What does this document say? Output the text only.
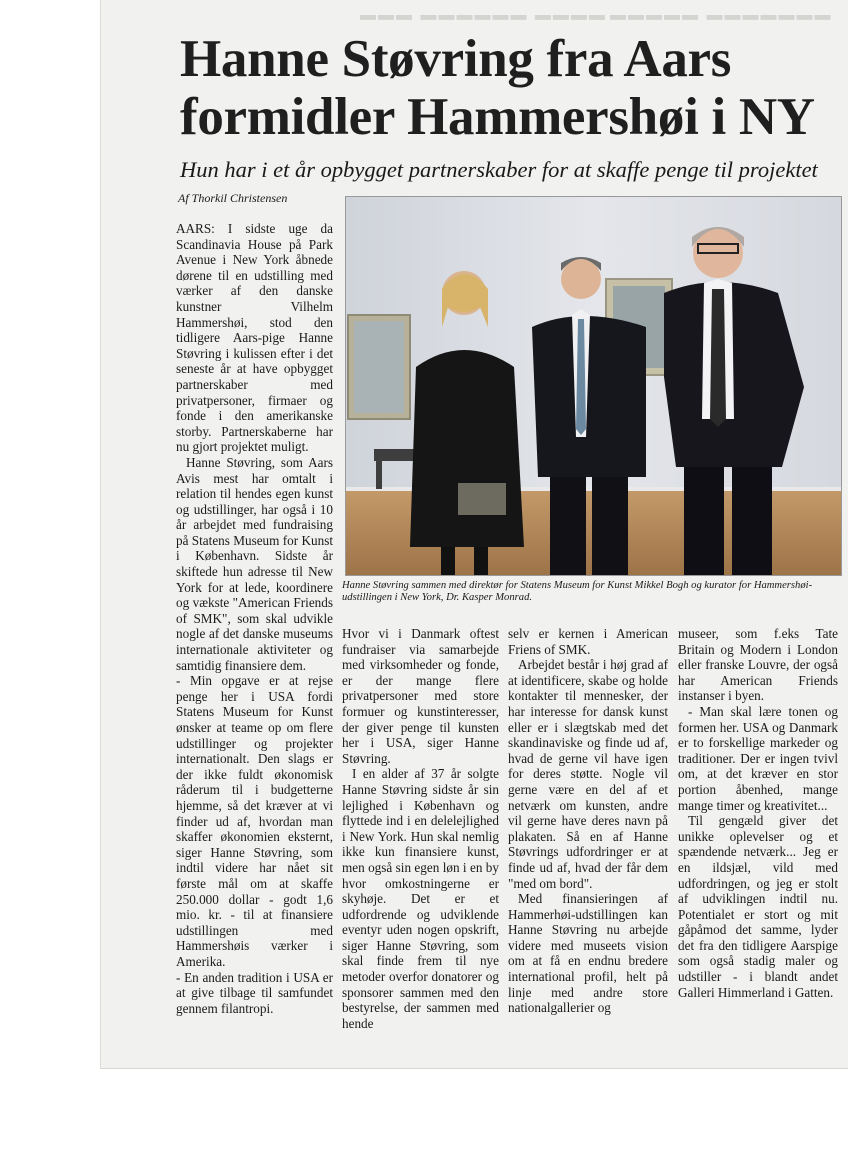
▬▬▬ ▬▬▬▬▬▬ ▬▬▬▬ ▬▬▬▬▬ ▬▬▬▬▬▬▬
Hanne Støvring fra Aars
formidler Hammershøi i NY

Hun har i et år opbygget partnerskaber for at skaffe penge til projektet

Af Thorkil Christensen

AARS: I sidste uge da Scandinavia House på Park Avenue i New York åbnede dørene til en udstilling med værker af den danske kunstner Vilhelm Hammershøi, stod den tidligere Aars-pige Hanne Støvring i kulissen efter i det seneste år at have opbygget partnerskaber med privatpersoner, firmaer og fonde i den amerikanske storby. Partnerskaberne har nu gjort projektet muligt.

Hanne Støvring, som Aars Avis mest har omtalt i relation til hendes egen kunst og udstillinger, har også i 10 år arbejdet med fundraising på Statens Museum for Kunst i København. Sidste år skiftede hun adresse til New York for at lede, koordinere og vækste "American Friends of SMK", som skal udvikle nogle af det danske museums internationale aktiviteter og samtidig finansiere dem.

- Min opgave er at rejse penge her i USA fordi Statens Museum for Kunst ønsker at teame op om flere udstillinger og projekter internationalt. Den slags er der ikke fuldt økonomisk råderum til i budgetterne hjemme, så det kræver at vi finder ud af, hvordan man skaffer økonomien eksternt, siger Hanne Støvring, som indtil videre har nået sit første mål om at skaffe 250.000 dollar - godt 1,6 mio. kr. - til at finansiere udstillingen med Hammershøis værker i Amerika.

- En anden tradition i USA er at give tilbage til samfundet gennem filantropi.

Hanne Støvring sammen med direktør for Statens Museum for Kunst Mikkel Bogh og kurator for Hammershøi-udstillingen i New York, Dr. Kasper Monrad.

Hvor vi i Danmark oftest fundraiser via samarbejde med virksomheder og fonde, er der mange flere privatpersoner med store formuer og kunstinteresser, der giver penge til kunsten her i USA, siger Hanne Støvring.

I en alder af 37 år solgte Hanne Støvring sidste år sin lejlighed i København og flyttede ind i en delelejlighed i New York. Hun skal nemlig ikke kun finansiere kunst, men også sin egen løn i en by hvor omkostningerne er skyhøje. Det er et udfordrende og udviklende eventyr uden nogen opskrift, siger Hanne Støvring, som skal finde frem til nye metoder overfor donatorer og sponsorer sammen med den bestyrelse, der sammen med hende

selv er kernen i American Friens of SMK.

Arbejdet består i høj grad af at identificere, skabe og holde kontakter til mennesker, der har interesse for dansk kunst eller er i slægtskab med det skandinaviske og finde ud af, hvad de gerne vil have igen for deres støtte. Nogle vil gerne være en del af et netværk om kunsten, andre vil gerne have deres navn på plakaten. Så en af Hanne Støvrings udfordringer er at finde ud af, hvad der får dem "med om bord".

Med finansieringen af Hammerhøi-udstillingen kan Hanne Støvring nu arbejde videre med museets vision om at få en endnu bredere international profil, helt på linje med andre store nationalgallerier og

museer, som f.eks Tate Britain og Modern i London eller franske Louvre, der også har American Friends instanser i byen.

- Man skal lære tonen og formen her. USA og Danmark er to forskellige markeder og traditioner. Der er ingen tvivl om, at det kræver en stor portion åbenhed, mange mange timer og kreativitet...

Til gengæld giver det unikke oplevelser og et spændende netværk... Jeg er en ildsjæl, vild med udfordringen, og jeg er stolt af udviklingen indtil nu. Potentialet er stort og mit gåpåmod det samme, lyder det fra den tidligere Aarspige som også stadig maler og udstiller - i blandt andet Galleri Himmerland i Gatten.
